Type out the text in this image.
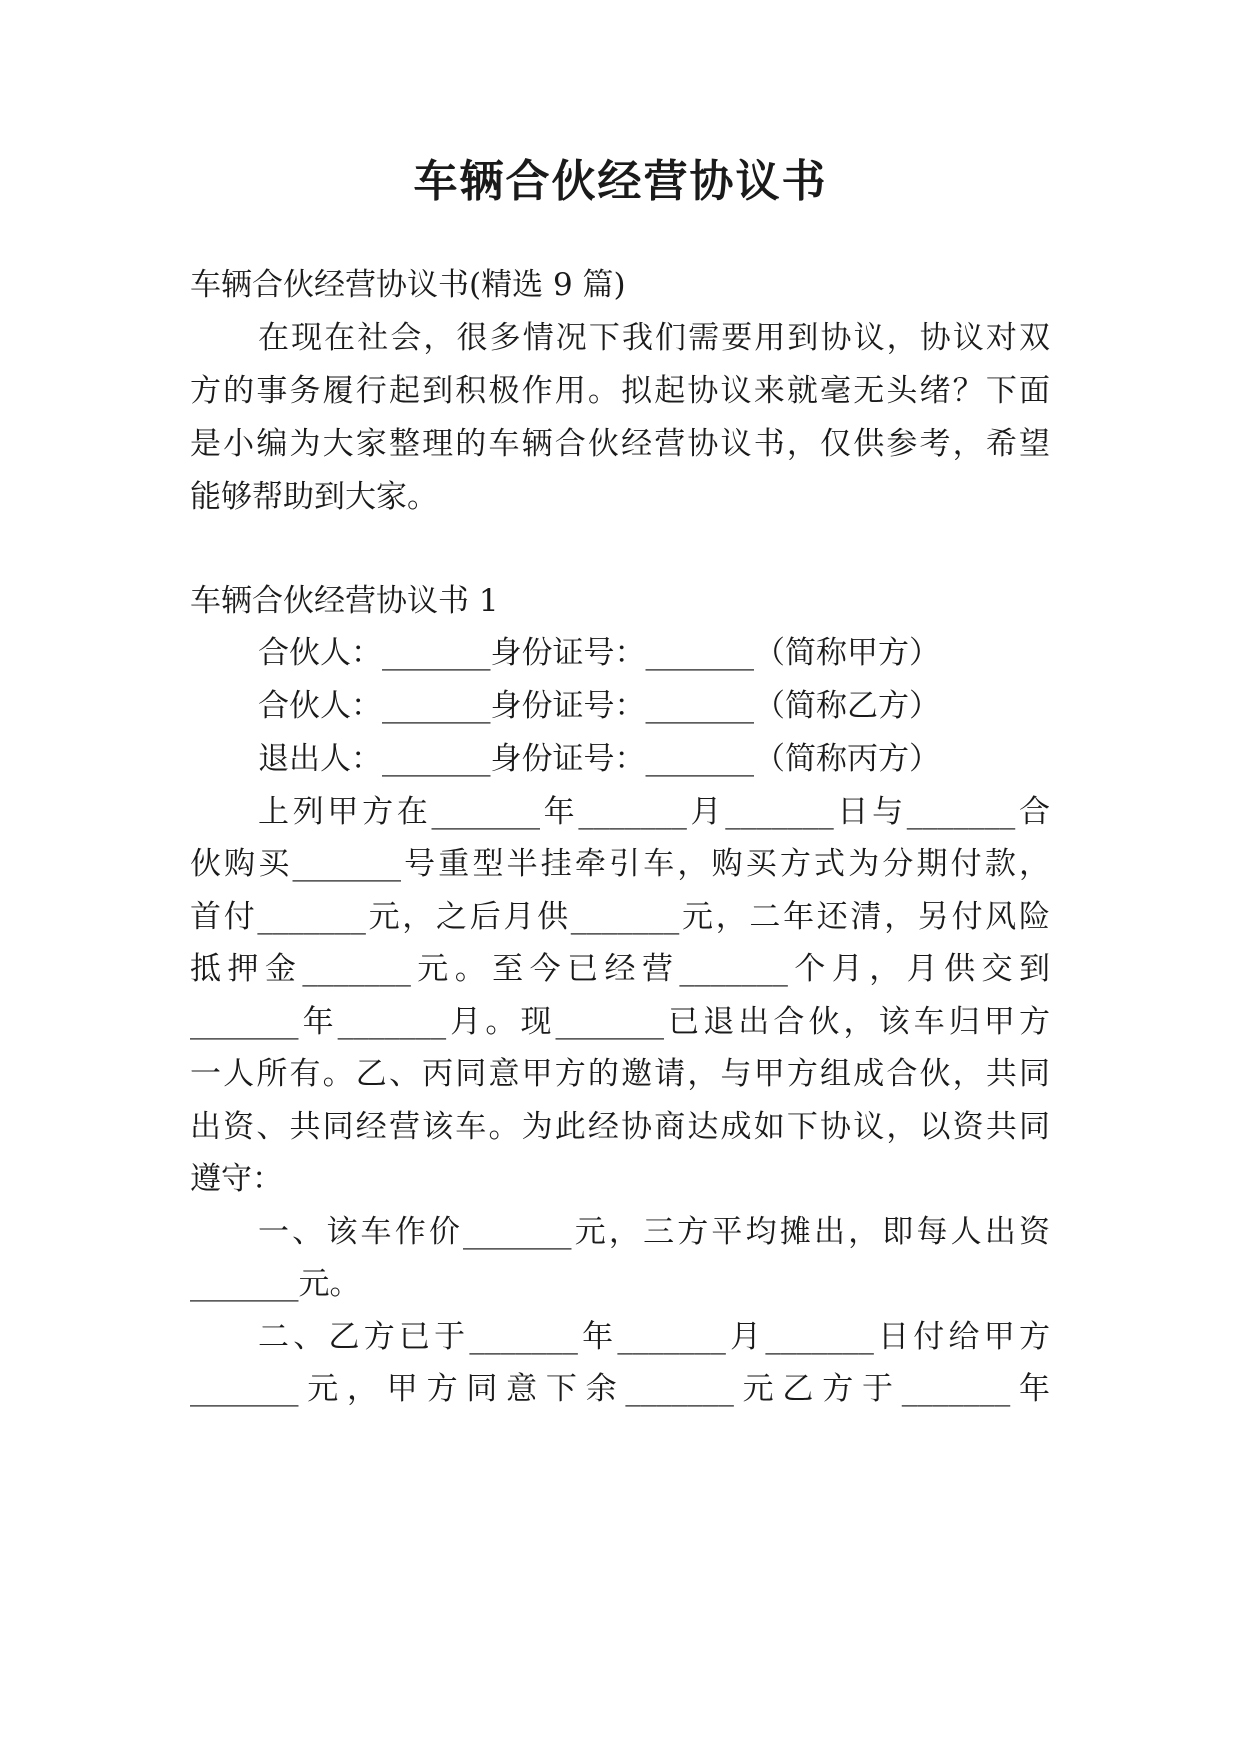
车辆合伙经营协议书
车辆合伙经营协议书(精选 9 篇)
在现在社会，很多情况下我们需要用到协议，协议对双
方的事务履行起到积极作用。拟起协议来就毫无头绪？下面
是小编为大家整理的车辆合伙经营协议书，仅供参考，希望
能够帮助到大家。
车辆合伙经营协议书 1
合伙人：_______身份证号：_______（简称甲方）
合伙人：_______身份证号：_______（简称乙方）
退出人：_______身份证号：_______（简称丙方）
上列甲方在_______年_______月_______日与_______合
伙购买_______号重型半挂牵引车，购买方式为分期付款，
首付_______元，之后月供_______元，二年还清，另付风险
抵押金_______元。至今已经营_______个月，月供交到
_______年_______月。现_______已退出合伙，该车归甲方
一人所有。乙、丙同意甲方的邀请，与甲方组成合伙，共同
出资、共同经营该车。为此经协商达成如下协议，以资共同
遵守：
一、该车作价_______元，三方平均摊出，即每人出资
_______元。
二、乙方已于_______年_______月_______日付给甲方
_______元，甲方同意下余_______元乙方于_______年
